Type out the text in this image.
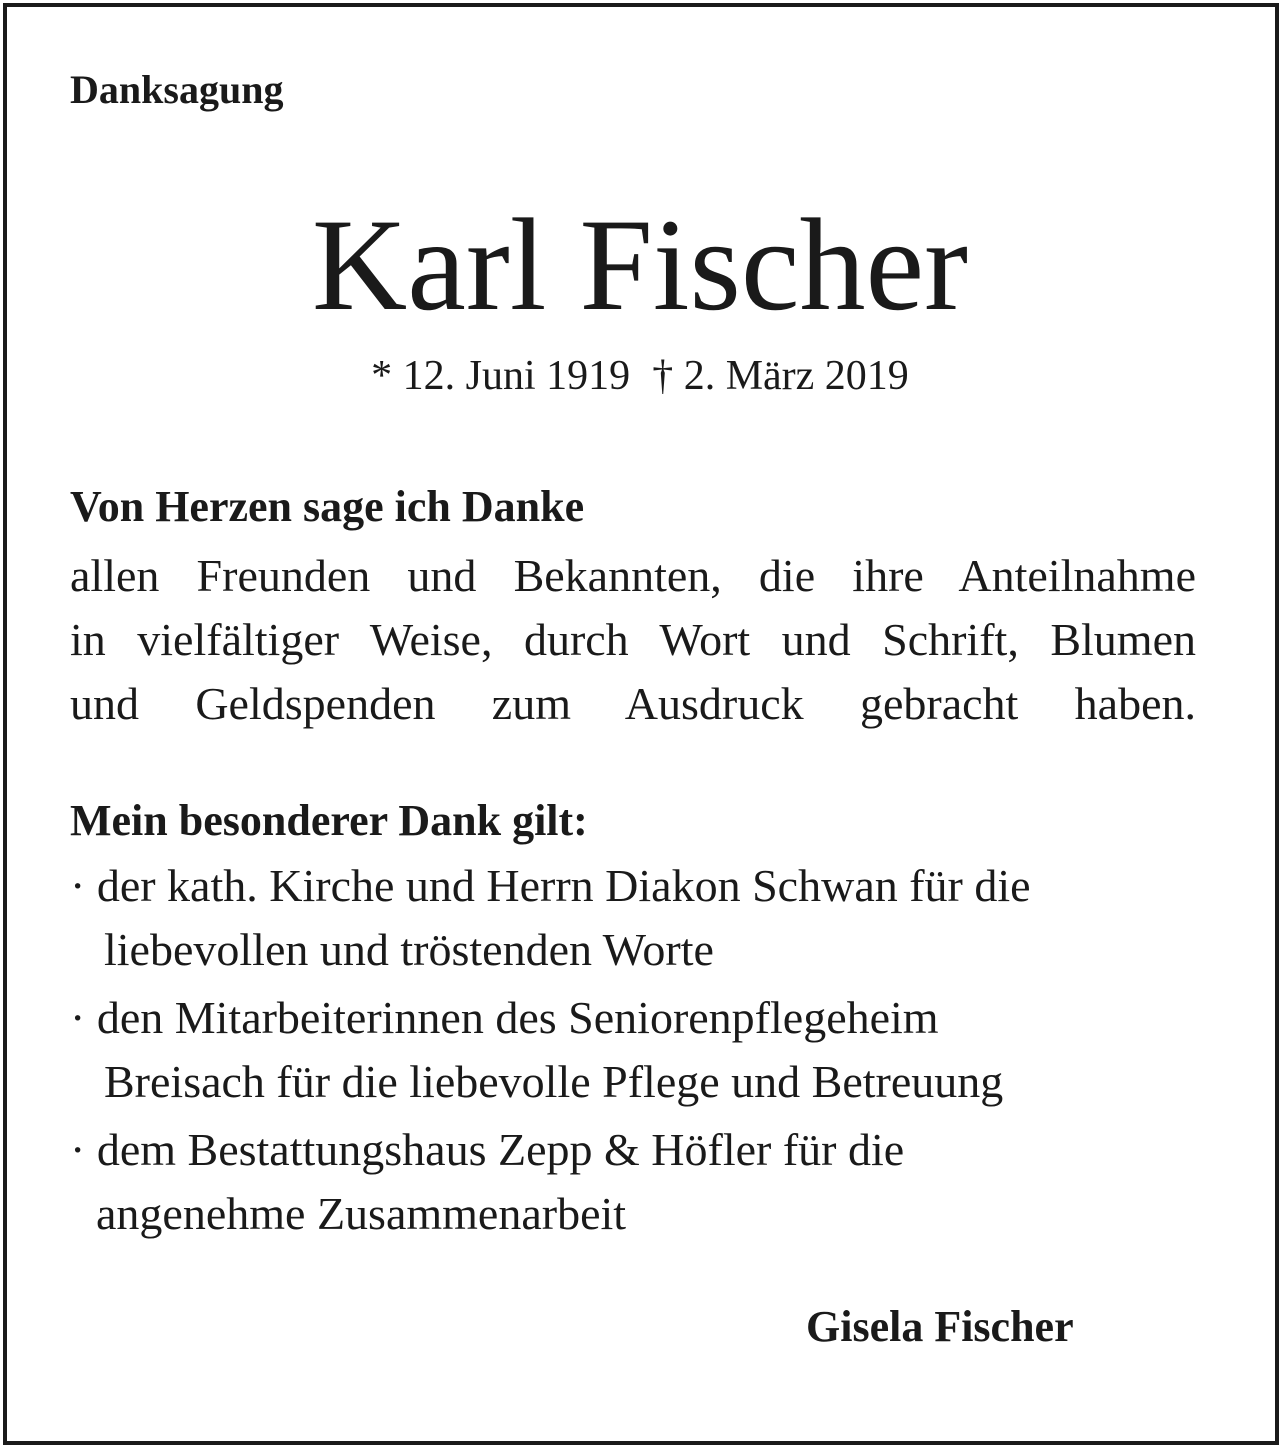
Danksagung
Karl Fischer
* 12. Juni 1919 † 2. März 2019
Von Herzen sage ich Danke
allen Freunden und Bekannten, die ihre Anteilnahme
in vielfältiger Weise, durch Wort und Schrift, Blumen
und Geldspenden zum Ausdruck gebracht haben.
Mein besonderer Dank gilt:
· der kath. Kirche und Herrn Diakon Schwan für die
liebevollen und tröstenden Worte
· den Mitarbeiterinnen des Seniorenpflegeheim
Breisach für die liebevolle Pflege und Betreuung
· dem Bestattungshaus Zepp & Höfler für die
angenehme Zusammenarbeit
Gisela Fischer
